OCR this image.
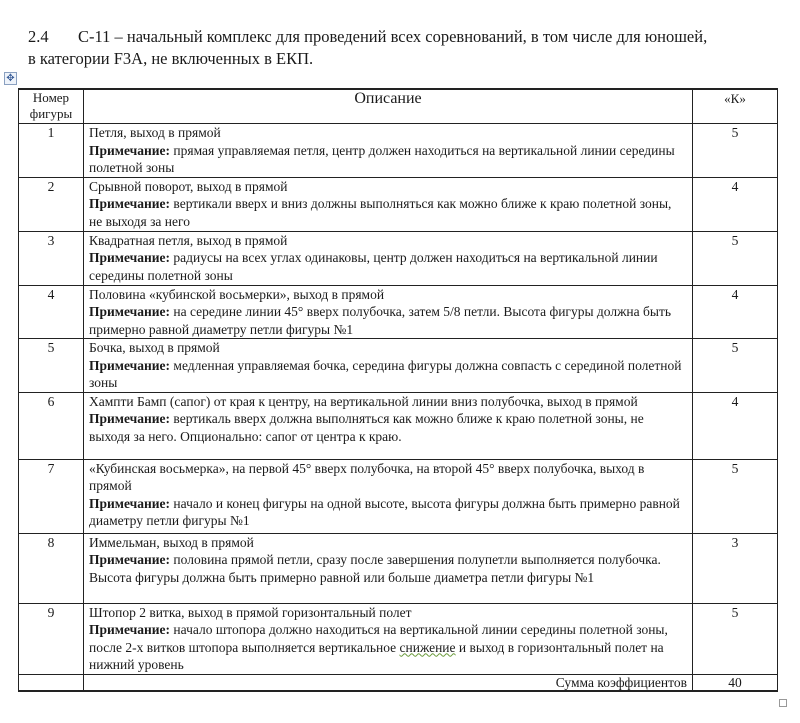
2.4 С-11 – начальный комплекс для проведений всех соревнований, в том числе для юношей,
в категории F3A, не включенных в ЕКП.
✥
Номер фигуры	Описание	«К»
1	Петля, выход в прямой
Примечание: прямая управляемая петля, центр должен находиться на вертикальной линии середины полетной зоны	5
2	Срывной поворот, выход в прямой
Примечание: вертикали вверх и вниз должны выполняться как можно ближе к краю полетной зоны, не выходя за него	4
3	Квадратная петля, выход в прямой
Примечание: радиусы на всех углах одинаковы, центр должен находиться на вертикальной линии середины полетной зоны	5
4	Половина «кубинской восьмерки», выход в прямой
Примечание: на середине линии 45° вверх полубочка, затем 5/8 петли. Высота фигуры должна быть примерно равной диаметру петли фигуры №1	4
5	Бочка, выход в прямой
Примечание: медленная управляемая бочка, середина фигуры должна совпасть с серединой полетной зоны	5
6	Хампти Бамп (сапог) от края к центру, на вертикальной линии вниз полубочка, выход в прямой
Примечание: вертикаль вверх должна выполняться как можно ближе к краю полетной зоны, не выходя за него. Опционально: сапог от центра к краю.	4
7	«Кубинская восьмерка», на первой 45° вверх полубочка, на второй 45° вверх полубочка, выход в прямой
Примечание: начало и конец фигуры на одной высоте, высота фигуры должна быть примерно равной диаметру петли фигуры №1	5
8	Иммельман, выход в прямой
Примечание: половина прямой петли, сразу после завершения полупетли выполняется полубочка. Высота фигуры должна быть примерно равной или больше диаметра петли фигуры №1	3
9	Штопор 2 витка, выход в прямой горизонтальный полет
Примечание: начало штопора должно находиться на вертикальной линии середины полетной зоны, после 2-х витков штопора выполняется вертикальное снижение и выход в горизонтальный полет на нижний уровень	5
	Сумма коэффициентов	40
